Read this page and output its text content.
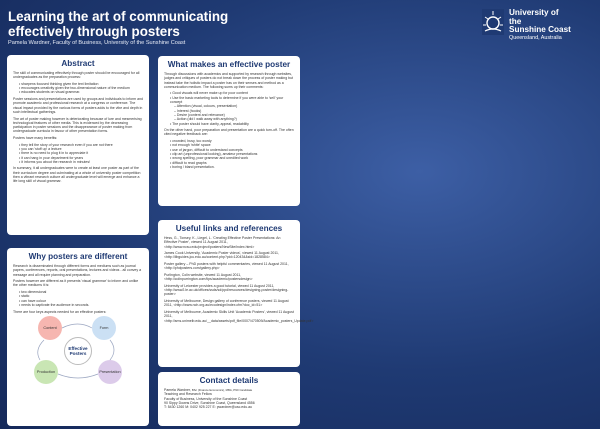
Learning the art of communicating effectively through posters
Pamela Wardner, Faculty of Business, University of the Sunshine Coast
University of
the
Sunshine Coast
Queensland, Australia
Abstract

The skill of communicating effectively through poster should be encouraged for all undergraduates as the preparation process:

• sharpens focused thinking given the text limitation
• encourages creativity given the two-dimensional nature of the medium
• educates students on visual grammar.

Poster sessions and presentations are used by groups and individuals to inform and promote academic and professional research at a congress or conference. The visual impact provided by the various forms of posters adds to the vibe and depth in such intellectual gatherings.

The art of poster making however is deteriorating because of lure and mesmerising technological features of other media. This is evidenced by the decreasing participation in poster sessions and the disappearance of poster making from undergraduate curricula in favour of other presentation forms.

Posters have many benefits:

• they tell the story of your research even if you are not there
• you can 'stuff up' a lecture
• there is no need to plug it in to appreciate it
• it can hang in your department for years
• it informs you about the research in minutes!

In summary, it all undergraduates were to create at least one poster as part of the their curriculum degree and culminating at a whole of university poster competition then a vibrant research culture all undergraduate level will emerge and enhance a life long skill of visual grammar.

Why posters are different

Research is disseminated through different forms and mediums such as journal papers, conferences, reports, oral presentations, lectures and videos - all convey a message and all require planning and preparation.

Posters however are different as it presents 'visual grammar' to inform and unlike the other mediums it is:

• two dimensional
• static
• can have colour
• needs to captivate the audience in seconds.

There are four keys aspects needed for an effective posters:

Content	Form
Production	Presentation
Effective
Posters
What makes an effective poster

Through discussions with academics and supported by research through websites, judges and critiques of posters do not break down the process of poster making but instead take the holistic impact a poster has on their senses and method as a communication medium. The following sums up their comments:

• Good visuals will never make up for poor content
• Use the basic marketing tools to determine if you were able to 'sell' your concept
– Attention (visual, colours, presentation)
– Interest (hooks)
– Desire (content and relevance)
– Action (did I walk away with anything?)
• The poster should have clarity, appeal, readability

On the other hand, poor preparation and presentation are a quick turn-off. The often cited negative feedback are:

• crowded, busy, too wordy
• not enough 'white' space
• use of jargon, difficult to understand concepts
• clip art (unprofessional looking), amateur presentations
• wrong spelling, poor grammar and unedited work
• difficult to read graphs
• boring / bland presentation.
Useful links and references

Hess, G., Tonsey, K., Liegel, L. 'Creating Effective Poster Presentations: An Effective Poster', viewed 11 August 2011, <http://www.ncsu.edu/project/posters/NewSite/index.html>

James Cook University, 'Academic Poster videos', viewed 11 August 2011, <http://libguides.jcu.edu.au/content.php?pid=120434&sid=1828584>

Poster gallery – PhD posters with helpful commentaries, viewed 11 August 2011, <http://phdposters.com/gallery.php>

Purlington, Colin website, viewed 11 August 2011, <http://colinpurrington.com/tips/academic/postersdesign>

University of Leicester provides a good tutorial, viewed 11 August 2011, <http://www2.le.ac.uk/offices/ssds/sd/ppd/resources/designing-poster/designing-poster>

University of Melbourne, Design gallery of conference posters, viewed 11 August 2011, <http://www.nch.org.au/ecodesign/index.cfm?doc_id=51>

University of Melbourne, Academic Skills Unit 'Academic Posters', viewed 11 August 2011, <http://sms.unimelb.edu.au/__data/assets/pdf_file/0007/470509/Academic_posters_Update.pdf>

Contact details

Pamela Wardner, BSc (Finance Economics), MBA, PhD Candidate

Teaching and Research Fellow

Faculty of Business, University of the Sunshine Coast

90 Sippy Downs Drive, Sunshine Coast, Queensland 4556

T: 5430 1260 M: 0402 925 227 E: pwardner@usc.edu.au
